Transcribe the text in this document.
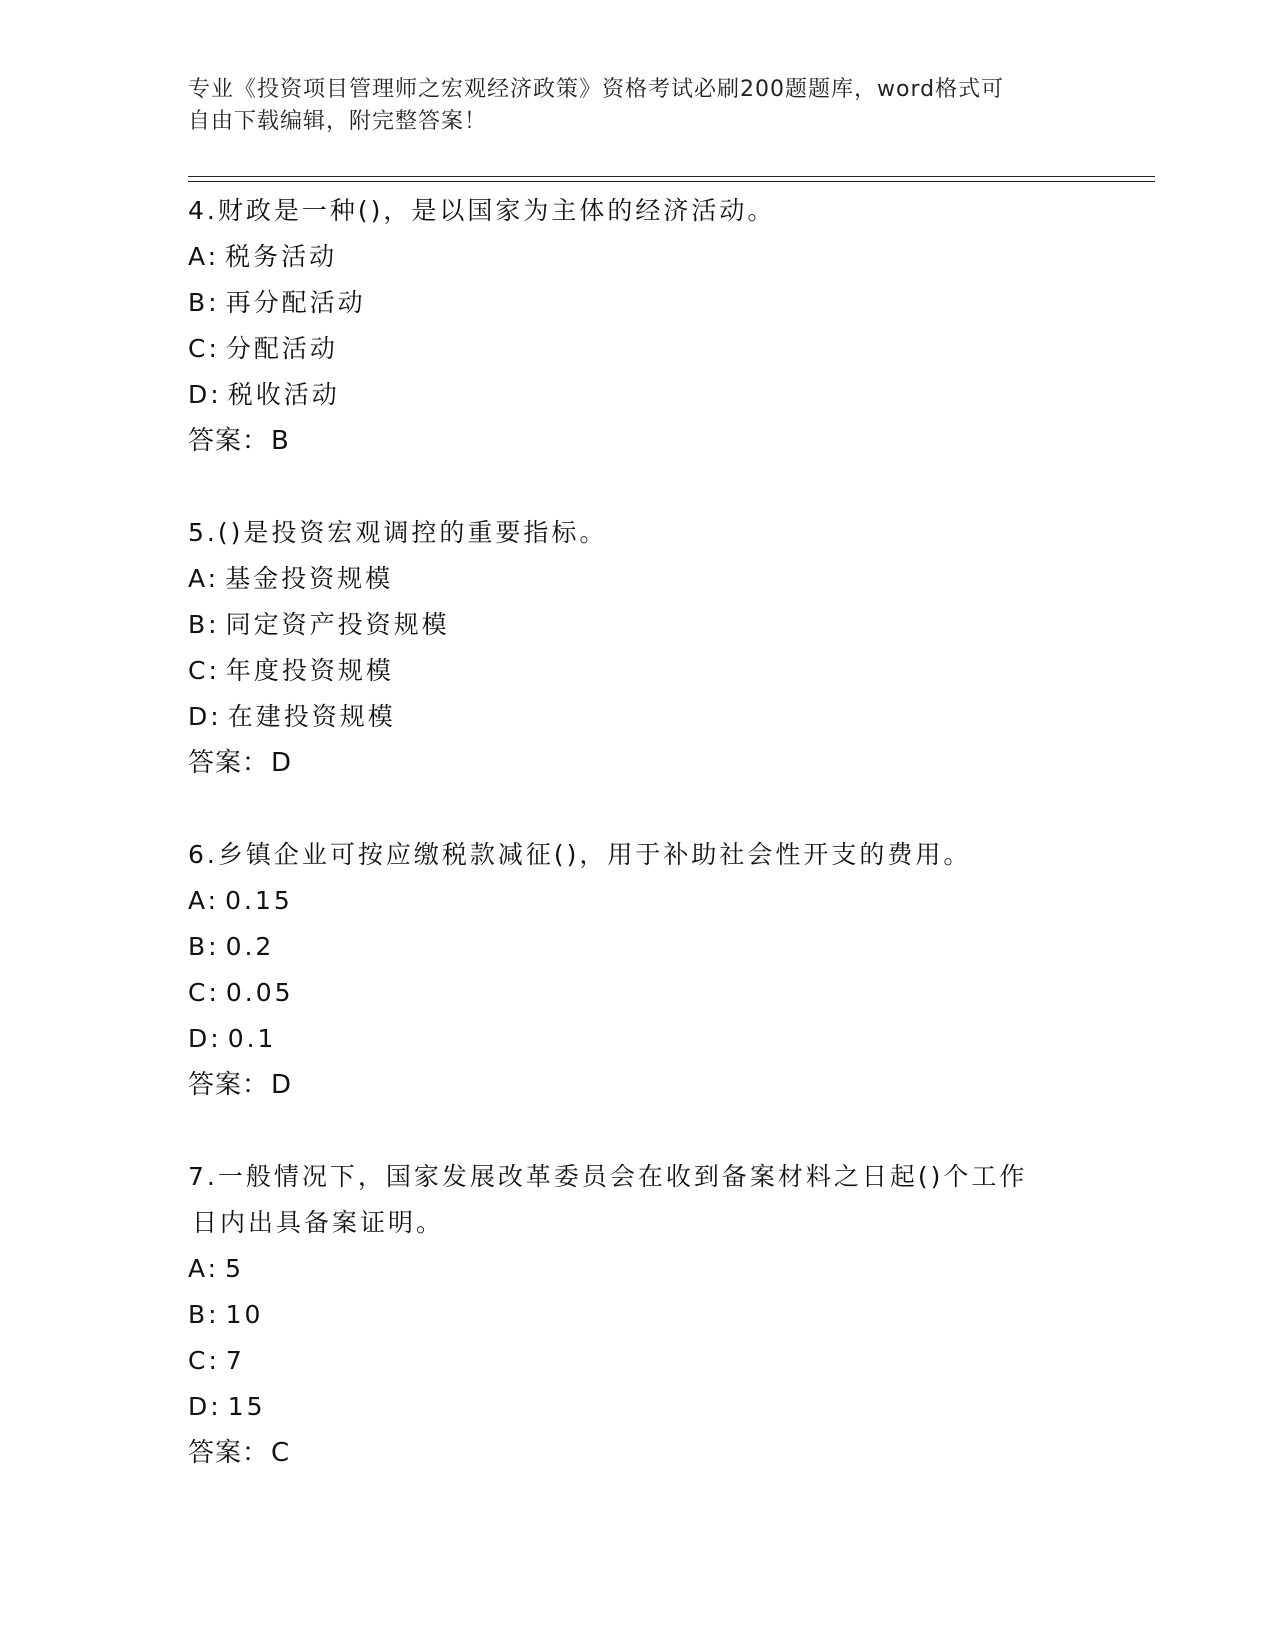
专业《投资项目管理师之宏观经济政策》资格考试必刷200题题库，word格式可
自由下载编辑，附完整答案！
4.财政是一种()，是以国家为主体的经济活动。
A: 税务活动
B: 再分配活动
C: 分配活动
D: 税收活动
答案：B
5.()是投资宏观调控的重要指标。
A: 基金投资规模
B: 同定资产投资规模
C: 年度投资规模
D: 在建投资规模
答案：D
6.乡镇企业可按应缴税款减征()，用于补助社会性开支的费用。
A: 0.15
B: 0.2
C: 0.05
D: 0.1
答案：D
7.一般情况下，国家发展改革委员会在收到备案材料之日起()个工作
日内出具备案证明。
A: 5
B: 10
C: 7
D: 15
答案：C
